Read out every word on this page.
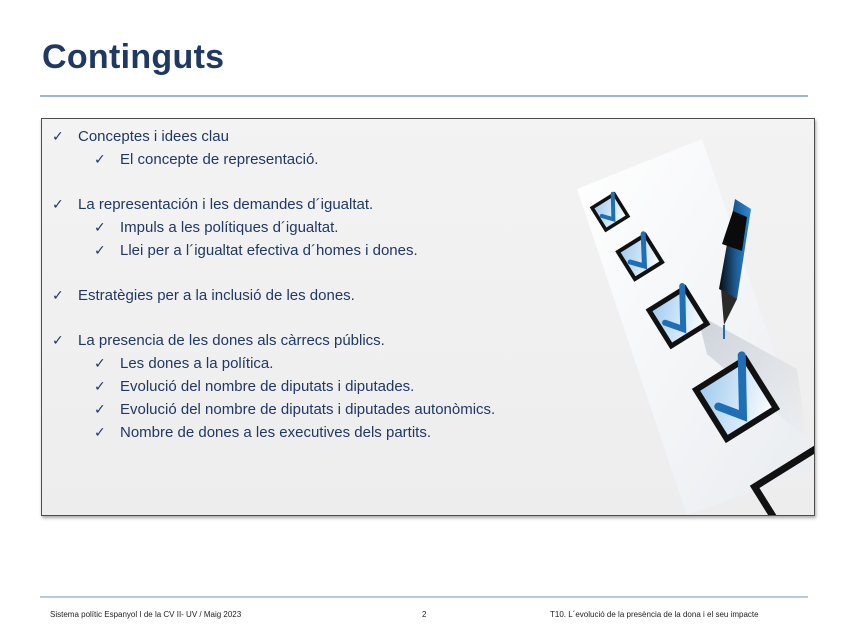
Continguts
✓ Conceptes i idees clau
✓ El concepte de representació.
✓ La representación i les demandes d´igualtat.
✓ Impuls a les polítiques d´igualtat.
✓ Llei per a l´igualtat efectiva d´homes i dones.
✓ Estratègies per a la inclusió de les dones.
✓ La presencia de les dones als càrrecs públics.
✓ Les dones a la política.
✓ Evolució del nombre de diputats i diputades.
✓ Evolució del nombre de diputats i diputades autonòmics.
✓ Nombre de dones a les executives dels partits.
Sistema polític Espanyol I de la CV II- UV / Maig 2023	2	T10. L´evolució de la presència de la dona i el seu impacte
